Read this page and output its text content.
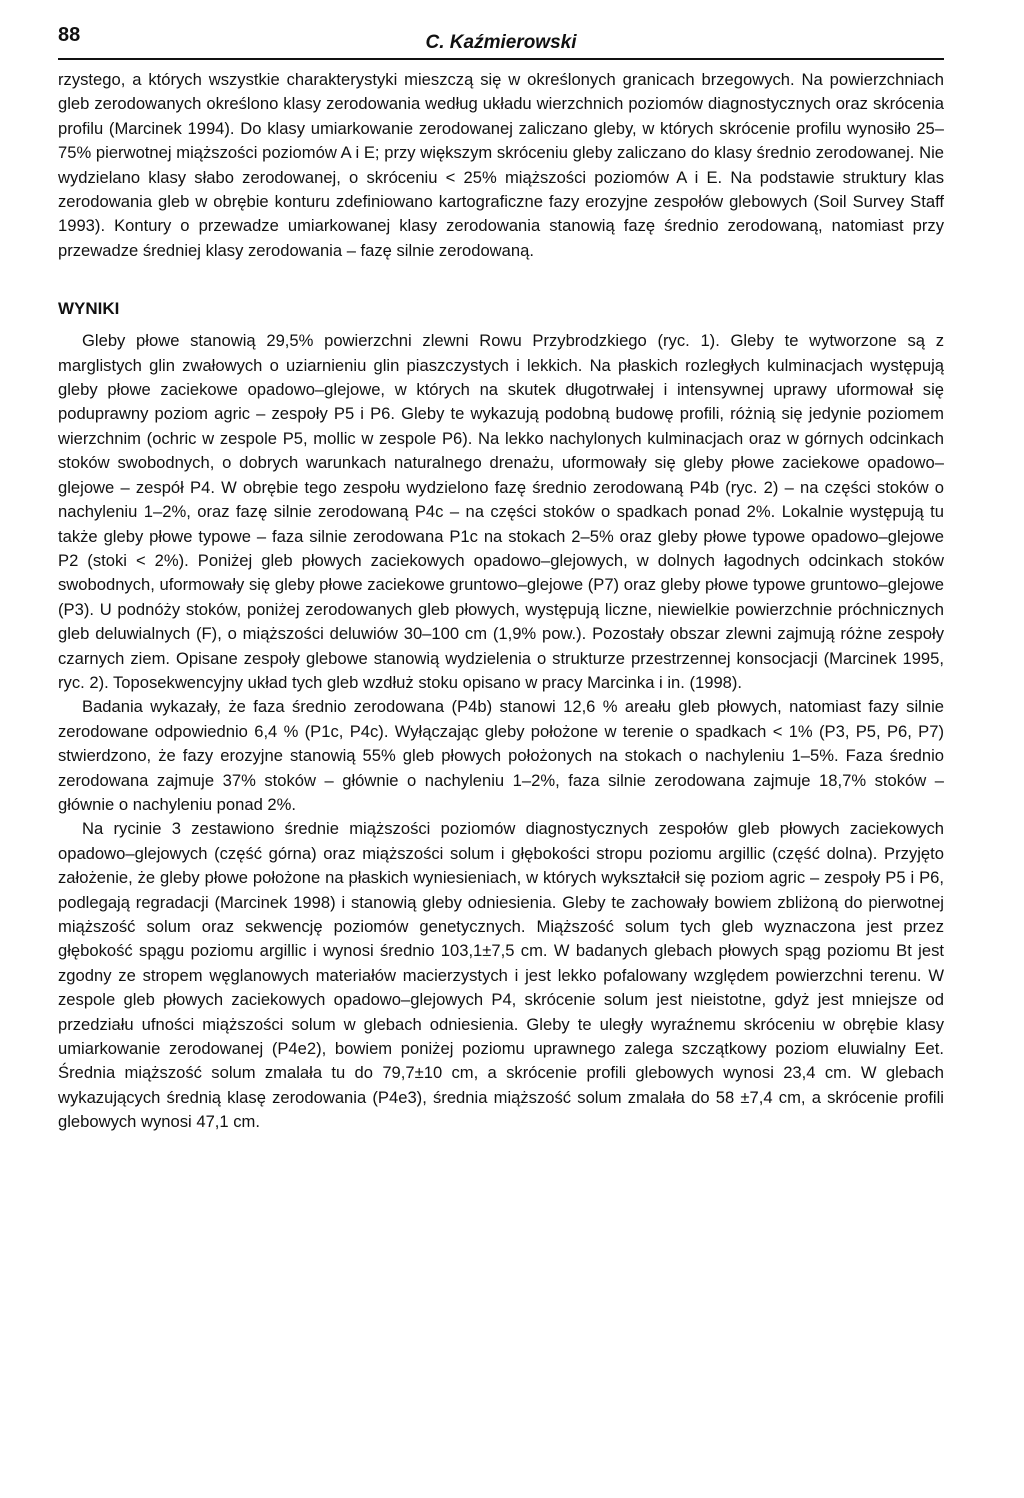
88	C. Kaźmierowski

rzystego, a których wszystkie charakterystyki mieszczą się w określonych granicach brzegowych. Na powierzchniach gleb zerodowanych określono klasy zerodowania według układu wierzchnich poziomów diagnostycznych oraz skrócenia profilu (Marcinek 1994). Do klasy umiarkowanie zerodowanej zaliczano gleby, w których skrócenie profilu wynosiło 25–75% pierwotnej miąższości poziomów A i E; przy większym skróceniu gleby zaliczano do klasy średnio zerodowanej. Nie wydzielano klasy słabo zerodowanej, o skróceniu < 25% miąższości poziomów A i E. Na podstawie struktury klas zerodowania gleb w obrębie konturu zdefiniowano kartograficzne fazy erozyjne zespołów glebowych (Soil Survey Staff 1993). Kontury o przewadze umiarkowanej klasy zerodowania stanowią fazę średnio zerodowaną, natomiast przy przewadze średniej klasy zerodowania – fazę silnie zerodowaną.

WYNIKI

Gleby płowe stanowią 29,5% powierzchni zlewni Rowu Przybrodzkiego (ryc. 1). Gleby te wytworzone są z marglistych glin zwałowych o uziarnieniu glin piaszczystych i lekkich. Na płaskich rozległych kulminacjach występują gleby płowe zaciekowe opadowo–glejowe, w których na skutek długotrwałej i intensywnej uprawy uformował się poduprawny poziom agric – zespoły P5 i P6. Gleby te wykazują podobną budowę profili, różnią się jedynie poziomem wierzchnim (ochric w zespole P5, mollic w zespole P6). Na lekko nachylonych kulminacjach oraz w górnych odcinkach stoków swobodnych, o dobrych warunkach naturalnego drenażu, uformowały się gleby płowe zaciekowe opadowo–glejowe – zespół P4. W obrębie tego zespołu wydzielono fazę średnio zerodowaną P4b (ryc. 2) – na części stoków o nachyleniu 1–2%, oraz fazę silnie zerodowaną P4c – na części stoków o spadkach ponad 2%. Lokalnie występują tu także gleby płowe typowe – faza silnie zerodowana P1c na stokach 2–5% oraz gleby płowe typowe opadowo–glejowe P2 (stoki < 2%). Poniżej gleb płowych zaciekowych opadowo–glejowych, w dolnych łagodnych odcinkach stoków swobodnych, uformowały się gleby płowe zaciekowe gruntowo–glejowe (P7) oraz gleby płowe typowe gruntowo–glejowe (P3). U podnóży stoków, poniżej zerodowanych gleb płowych, występują liczne, niewielkie powierzchnie próchnicznych gleb deluwialnych (F), o miąższości deluwiów 30–100 cm (1,9% pow.). Pozostały obszar zlewni zajmują różne zespoły czarnych ziem. Opisane zespoły glebowe stanowią wydzielenia o strukturze przestrzennej konsocjacji (Marcinek 1995, ryc. 2). Toposekwencyjny układ tych gleb wzdłuż stoku opisano w pracy Marcinka i in. (1998).

Badania wykazały, że faza średnio zerodowana (P4b) stanowi 12,6 % areału gleb płowych, natomiast fazy silnie zerodowane odpowiednio 6,4 % (P1c, P4c). Wyłączając gleby położone w terenie o spadkach < 1% (P3, P5, P6, P7) stwierdzono, że fazy erozyjne stanowią 55% gleb płowych położonych na stokach o nachyleniu 1–5%. Faza średnio zerodowana zajmuje 37% stoków – głównie o nachyleniu 1–2%, faza silnie zerodowana zajmuje 18,7% stoków – głównie o nachyleniu ponad 2%.

Na rycinie 3 zestawiono średnie miąższości poziomów diagnostycznych zespołów gleb płowych zaciekowych opadowo–glejowych (część górna) oraz miąższości solum i głębokości stropu poziomu argillic (część dolna). Przyjęto założenie, że gleby płowe położone na płaskich wyniesieniach, w których wykształcił się poziom agric – zespoły P5 i P6, podlegają regradacji (Marcinek 1998) i stanowią gleby odniesienia. Gleby te zachowały bowiem zbliżoną do pierwotnej miąższość solum oraz sekwencję poziomów genetycznych. Miąższość solum tych gleb wyznaczona jest przez głębokość spągu poziomu argillic i wynosi średnio 103,1±7,5 cm. W badanych glebach płowych spąg poziomu Bt jest zgodny ze stropem węglanowych materiałów macierzystych i jest lekko pofalowany względem powierzchni terenu. W zespole gleb płowych zaciekowych opadowo–glejowych P4, skrócenie solum jest nieistotne, gdyż jest mniejsze od przedziału ufności miąższości solum w glebach odniesienia. Gleby te uległy wyraźnemu skróceniu w obrębie klasy umiarkowanie zerodowanej (P4e2), bowiem poniżej poziomu uprawnego zalega szczątkowy poziom eluwialny Eet. Średnia miąższość solum zmalała tu do 79,7±10 cm, a skrócenie profili glebowych wynosi 23,4 cm. W glebach wykazujących średnią klasę zerodowania (P4e3), średnia miąższość solum zmalała do 58 ±7,4 cm, a skrócenie profili glebowych wynosi 47,1 cm.
